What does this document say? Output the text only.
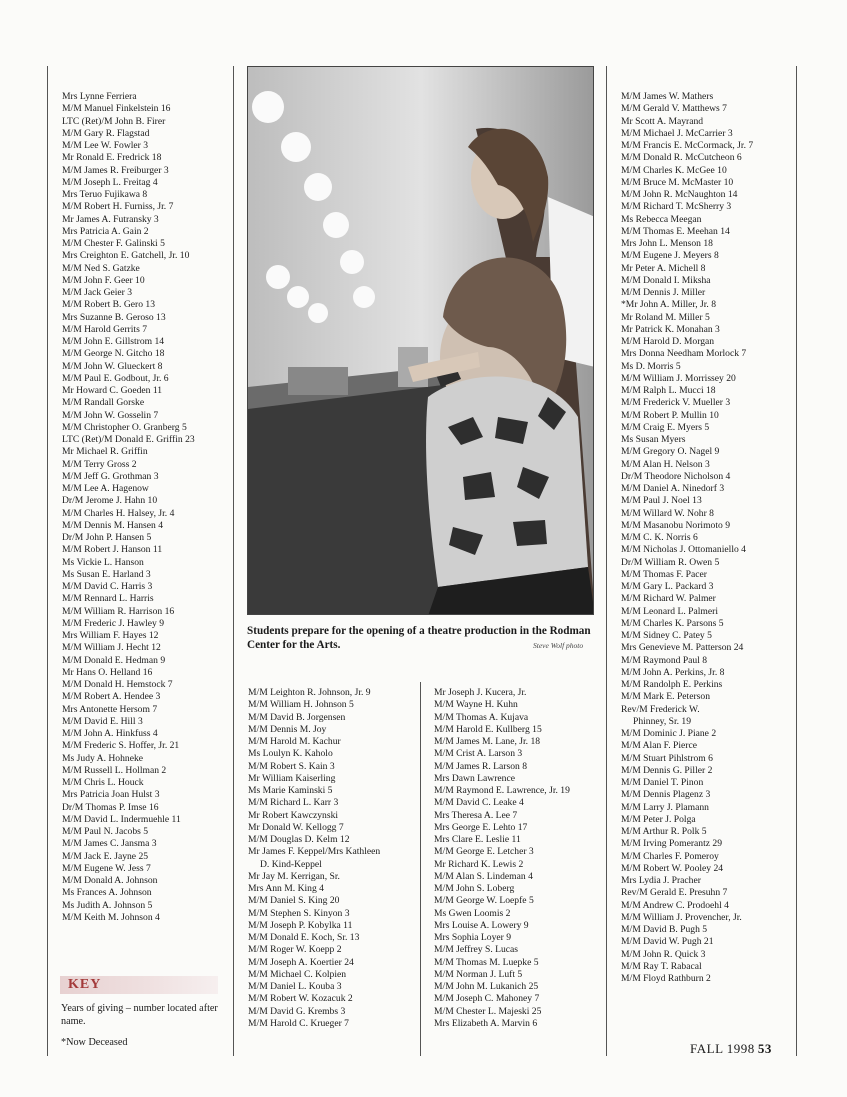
Mrs Lynne Ferriera
M/M Manuel Finkelstein 16
LTC (Ret)/M John B. Firer
M/M Gary R. Flagstad
M/M Lee W. Fowler 3
Mr Ronald E. Fredrick 18
M/M James R. Freiburger 3
M/M Joseph L. Freitag 4
Mrs Teruo Fujikawa 8
M/M Robert H. Furniss, Jr. 7
Mr James A. Futransky 3
Mrs Patricia A. Gain 2
M/M Chester F. Galinski 5
Mrs Creighton E. Gatchell, Jr. 10
M/M Ned S. Gatzke
M/M John F. Geer 10
M/M Jack Geier 3
M/M Robert B. Gero 13
Mrs Suzanne B. Geroso 13
M/M Harold Gerrits 7
M/M John E. Gillstrom 14
M/M George N. Gitcho 18
M/M John W. Glueckert 8
M/M Paul E. Godbout, Jr. 6
Mr Howard C. Goeden 11
M/M Randall Gorske
M/M John W. Gosselin 7
M/M Christopher O. Granberg 5
LTC (Ret)/M Donald E. Griffin 23
Mr Michael R. Griffin
M/M Terry Gross 2
M/M Jeff G. Grothman 3
M/M Lee A. Hagenow
Dr/M Jerome J. Hahn 10
M/M Charles H. Halsey, Jr. 4
M/M Dennis M. Hansen 4
Dr/M John P. Hansen 5
M/M Robert J. Hanson 11
Ms Vickie L. Hanson
Ms Susan E. Harland 3
M/M David C. Harris 3
M/M Rennard L. Harris
M/M William R. Harrison 16
M/M Frederic J. Hawley 9
Mrs William F. Hayes 12
M/M William J. Hecht 12
M/M Donald E. Hedman 9
Mr Hans O. Helland 16
M/M Donald H. Hemstock 7
M/M Robert A. Hendee 3
Mrs Antonette Hersom 7
M/M David E. Hill 3
M/M John A. Hinkfuss 4
M/M Frederic S. Hoffer, Jr. 21
Ms Judy A. Hohneke
M/M Russell L. Hollman 2
M/M Chris L. Houck
Mrs Patricia Joan Hulst 3
Dr/M Thomas P. Imse 16
M/M David L. Indermuehle 11
M/M Paul N. Jacobs 5
M/M James C. Jansma 3
M/M Jack E. Jayne 25
M/M Eugene W. Jess 7
M/M Donald A. Johnson
Ms Frances A. Johnson
Ms Judith A. Johnson 5
M/M Keith M. Johnson 4
M/M Leighton R. Johnson, Jr. 9
M/M William H. Johnson 5
M/M David B. Jorgensen
M/M Dennis M. Joy
M/M Harold M. Kachur
Ms Loulyn K. Kaholo
M/M Robert S. Kain 3
Mr William Kaiserling
Ms Marie Kaminski 5
M/M Richard L. Karr 3
Mr Robert Kawczynski
Mr Donald W. Kellogg 7
M/M Douglas D. Kelm 12
Mr James F. Keppel/Mrs Kathleen
D. Kind-Keppel
Mr Jay M. Kerrigan, Sr.
Mrs Ann M. King 4
M/M Daniel S. King 20
M/M Stephen S. Kinyon 3
M/M Joseph P. Kobylka 11
M/M Donald E. Koch, Sr. 13
M/M Roger W. Koepp 2
M/M Joseph A. Koertier 24
M/M Michael C. Kolpien
M/M Daniel L. Kouba 3
M/M Robert W. Kozacuk 2
M/M David G. Krembs 3
M/M Harold C. Krueger 7
Mr Joseph J. Kucera, Jr.
M/M Wayne H. Kuhn
M/M Thomas A. Kujava
M/M Harold E. Kullberg 15
M/M James M. Lane, Jr. 18
M/M Crist A. Larson 3
M/M James R. Larson 8
Mrs Dawn Lawrence
M/M Raymond E. Lawrence, Jr. 19
M/M David C. Leake 4
Mrs Theresa A. Lee 7
Mrs George E. Lehto 17
Mrs Clare E. Leslie 11
M/M George E. Letcher 3
Mr Richard K. Lewis 2
M/M Alan S. Lindeman 4
M/M John S. Loberg
M/M George W. Loepfe 5
Ms Gwen Loomis 2
Mrs Louise A. Lowery 9
Mrs Sophia Loyer 9
M/M Jeffrey S. Lucas
M/M Thomas M. Luepke 5
M/M Norman J. Luft 5
M/M John M. Lukanich 25
M/M Joseph C. Mahoney 7
M/M Chester L. Majeski 25
Mrs Elizabeth A. Marvin 6
M/M James W. Mathers
M/M Gerald V. Matthews 7
Mr Scott A. Mayrand
M/M Michael J. McCarrier 3
M/M Francis E. McCormack, Jr. 7
M/M Donald R. McCutcheon 6
M/M Charles K. McGee 10
M/M Bruce M. McMaster 10
M/M John R. McNaughton 14
M/M Richard T. McSherry 3
Ms Rebecca Meegan
M/M Thomas E. Meehan 14
Mrs John L. Menson 18
M/M Eugene J. Meyers 8
Mr Peter A. Michell 8
M/M Donald I. Miksha
M/M Dennis J. Miller
*Mr John A. Miller, Jr. 8
Mr Roland M. Miller 5
Mr Patrick K. Monahan 3
M/M Harold D. Morgan
Mrs Donna Needham Morlock 7
Ms D. Morris 5
M/M William J. Morrissey 20
M/M Ralph L. Mucci 18
M/M Frederick V. Mueller 3
M/M Robert P. Mullin 10
M/M Craig E. Myers 5
Ms Susan Myers
M/M Gregory O. Nagel 9
M/M Alan H. Nelson 3
Dr/M Theodore Nicholson 4
M/M Daniel A. Ninedorf 3
M/M Paul J. Noel 13
M/M Willard W. Nohr 8
M/M Masanobu Norimoto 9
M/M C. K. Norris 6
M/M Nicholas J. Ottomaniello 4
Dr/M William R. Owen 5
M/M Thomas F. Pacer
M/M Gary L. Packard 3
M/M Richard W. Palmer
M/M Leonard L. Palmeri
M/M Charles K. Parsons 5
M/M Sidney C. Patey 5
Mrs Genevieve M. Patterson 24
M/M Raymond Paul 8
M/M John A. Perkins, Jr. 8
M/M Randolph E. Perkins
M/M Mark E. Peterson
Rev/M Frederick W.
Phinney, Sr. 19
M/M Dominic J. Piane 2
M/M Alan F. Pierce
M/M Stuart Pihlstrom 6
M/M Dennis G. Piller 2
M/M Daniel T. Pinon
M/M Dennis Plagenz 3
M/M Larry J. Plamann
M/M Peter J. Polga
M/M Arthur R. Polk 5
M/M Irving Pomerantz 29
M/M Charles F. Pomeroy
M/M Robert W. Pooley 24
Mrs Lydia J. Pracher
Rev/M Gerald E. Presuhn 7
M/M Andrew C. Prodoehl 4
M/M William J. Provencher, Jr.
M/M David B. Pugh 5
M/M David W. Pugh 21
M/M John R. Quick 3
M/M Ray T. Rabacal
M/M Floyd Rathburn 2
Students prepare for the opening of a theatre production in the Rodman Center for the Arts.	Steve Wolf photo
KEY
Years of giving – number located after name.
*Now Deceased	FALL 1998 53
